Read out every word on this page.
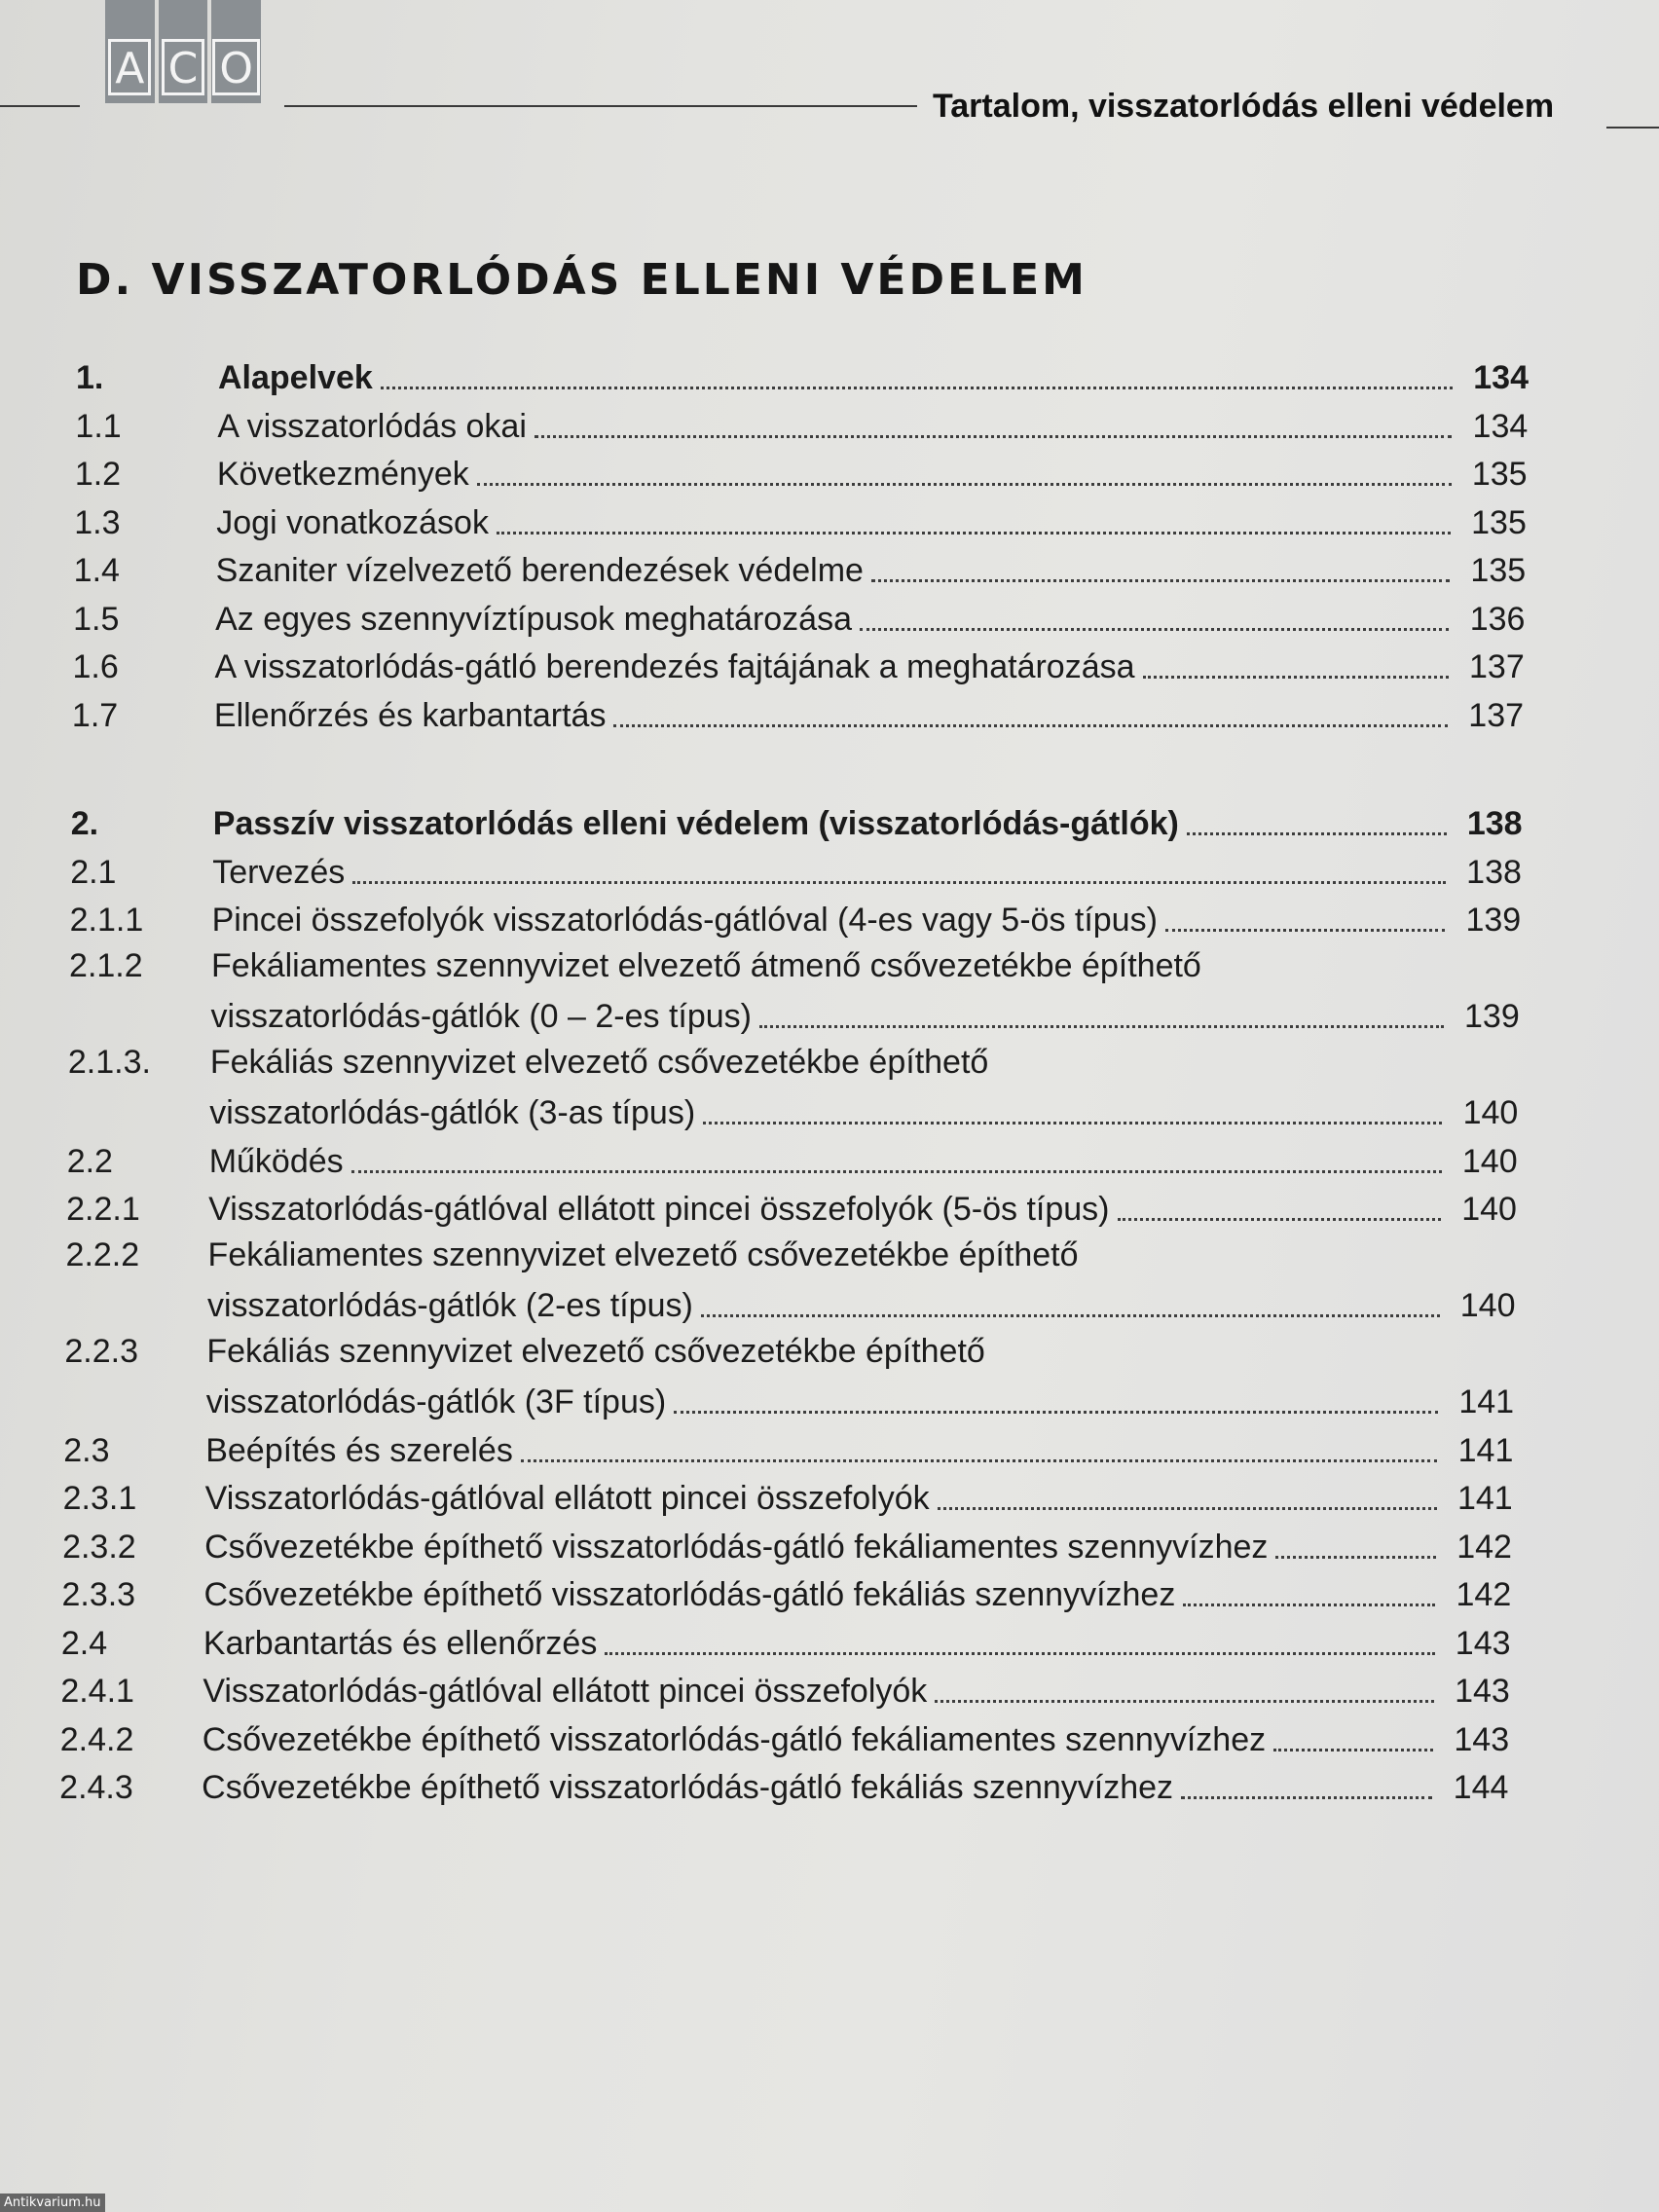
A C O
Tartalom, visszatorlódás elleni védelem
D. VISSZATORLÓDÁS ELLENI VÉDELEM
1.	Alapelvek	134
1.1	A visszatorlódás okai	134
1.2	Következmények	135
1.3	Jogi vonatkozások	135
1.4	Szaniter vízelvezető berendezések védelme	135
1.5	Az egyes szennyvíztípusok meghatározása	136
1.6	A visszatorlódás-gátló berendezés fajtájának a meghatározása	137
1.7	Ellenőrzés és karbantartás	137
2.	Passzív visszatorlódás elleni védelem (visszatorlódás-gátlók)	138
2.1	Tervezés	138
2.1.1	Pincei összefolyók visszatorlódás-gátlóval (4-es vagy 5-ös típus)	139
2.1.2 Fekáliamentes szennyvizet elvezető átmenő csővezetékbe építhető
visszatorlódás-gátlók (0 – 2-es típus)	139
2.1.3. Fekáliás szennyvizet elvezető csővezetékbe építhető
visszatorlódás-gátlók (3-as típus)	140
2.2	Működés	140
2.2.1	Visszatorlódás-gátlóval ellátott pincei összefolyók (5-ös típus)	140
2.2.2 Fekáliamentes szennyvizet elvezető csővezetékbe építhető
visszatorlódás-gátlók (2-es típus)	140
2.2.3 Fekáliás szennyvizet elvezető csővezetékbe építhető
visszatorlódás-gátlók (3F típus)	141
2.3	Beépítés és szerelés	141
2.3.1	Visszatorlódás-gátlóval ellátott pincei összefolyók	141
2.3.2	Csővezetékbe építhető visszatorlódás-gátló fekáliamentes szennyvízhez	142
2.3.3	Csővezetékbe építhető visszatorlódás-gátló fekáliás szennyvízhez	142
2.4	Karbantartás és ellenőrzés	143
2.4.1	Visszatorlódás-gátlóval ellátott pincei összefolyók	143
2.4.2	Csővezetékbe építhető visszatorlódás-gátló fekáliamentes szennyvízhez	143
2.4.3	Csővezetékbe építhető visszatorlódás-gátló fekáliás szennyvízhez	144
Antikvarium.hu
